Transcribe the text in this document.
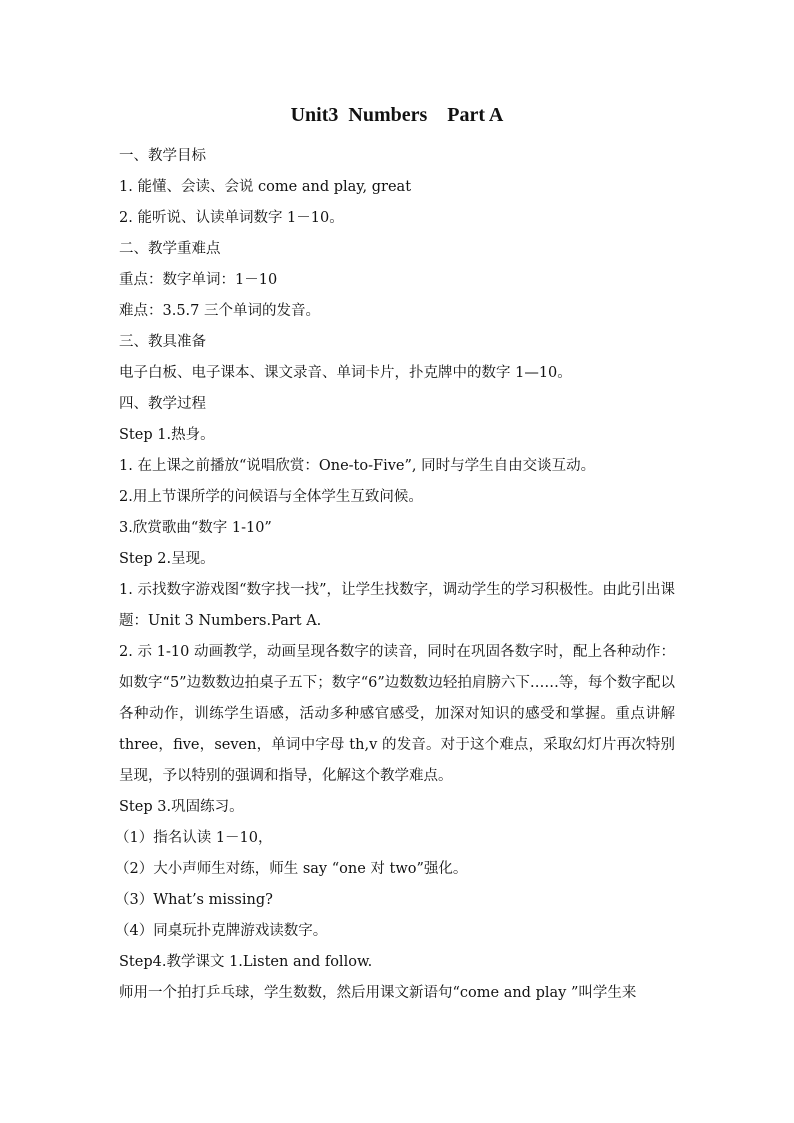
Unit3  Numbers    Part A
一、教学目标
1. 能懂、会读、会说 come and play, great
2. 能听说、认读单词数字 1－10。
二、教学重难点
重点：数字单词：1－10
难点：3.5.7 三个单词的发音。
三、教具准备
电子白板、电子课本、课文录音、单词卡片，扑克牌中的数字 1—10。
四、教学过程
Step 1.热身。
1. 在上课之前播放“说唱欣赏：One-to-Five”, 同时与学生自由交谈互动。
2.用上节课所学的问候语与全体学生互致问候。
3.欣赏歌曲“数字 1-10”
Step 2.呈现。
1. 示找数字游戏图“数字找一找”，让学生找数字，调动学生的学习积极性。由此引出课题：Unit 3 Numbers.Part A.
2. 示 1-10 动画教学，动画呈现各数字的读音，同时在巩固各数字时，配上各种动作：如数字“5”边数数边拍桌子五下；数字“6”边数数边轻拍肩膀六下……等，每个数字配以各种动作，训练学生语感，活动多种感官感受，加深对知识的感受和掌握。重点讲解 three，five，seven，单词中字母 th,v 的发音。对于这个难点，采取幻灯片再次特别呈现，予以特别的强调和指导，化解这个教学难点。
Step 3.巩固练习。
（1）指名认读 1－10，
（2）大小声师生对练，师生 say “one 对 two”强化。
（3）What’s missing?
（4）同桌玩扑克牌游戏读数字。
Step4.教学课文 1.Listen and follow.
师用一个拍打乒乓球，学生数数，然后用课文新语句“come and play ”叫学生来
